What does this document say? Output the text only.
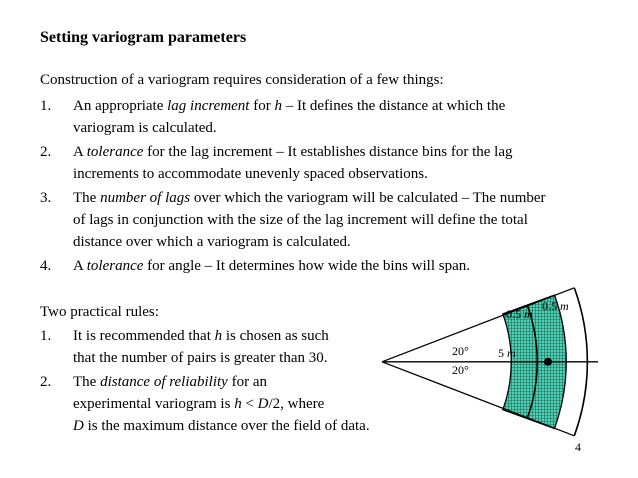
Setting variogram parameters
Construction of a variogram requires consideration of a few things:
1. An appropriate lag increment for h – It defines the distance at which the
variogram is calculated.
2. A tolerance for the lag increment – It establishes distance bins for the lag
increments to accommodate unevenly spaced observations.
3. The number of lags over which the variogram will be calculated – The number
of lags in conjunction with the size of the lag increment will define the total
distance over which a variogram is calculated.
4. A tolerance for angle – It determines how wide the bins will span.
Two practical rules:
1. It is recommended that h is chosen as such
that the number of pairs is greater than 30.
2. The distance of reliability for an
experimental variogram is h < D/2, where
D is the maximum distance over the field of data.
20°
20°
5 m
0.5 m
0.5 m
4
